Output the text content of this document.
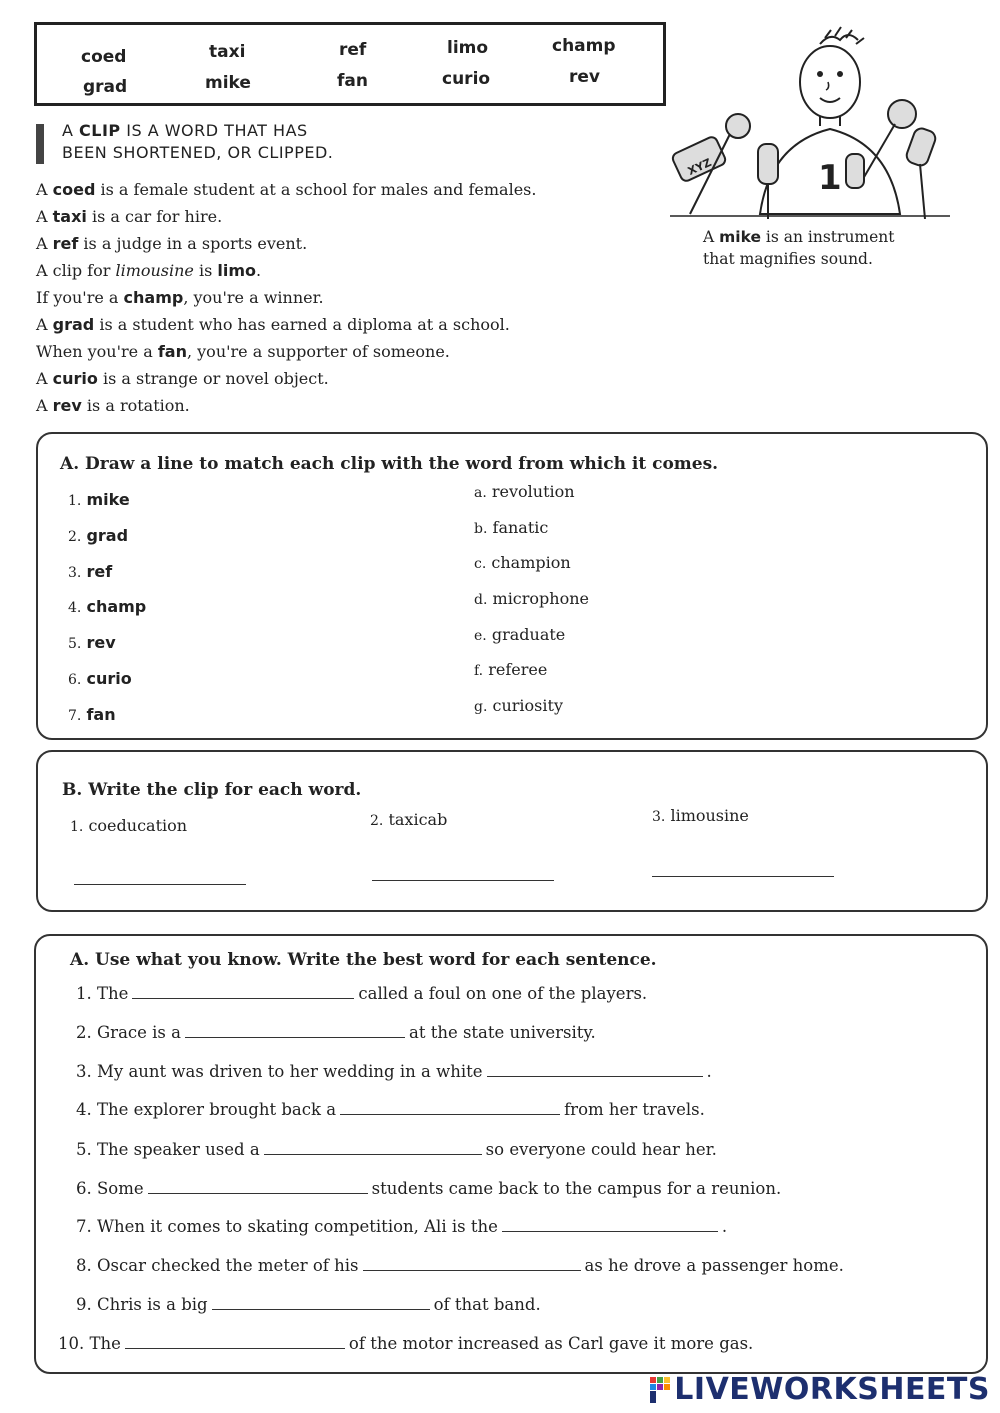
coed	taxi	ref	limo	champ
grad	mike	fan	curio	rev
A CLIP IS A WORD THAT HAS
BEEN SHORTENED, OR CLIPPED.
A coed is a female student at a school for males and females.
A taxi is a car for hire.
A ref is a judge in a sports event.
A clip for limousine is limo.
If you're a champ, you're a winner.
A grad is a student who has earned a diploma at a school.
When you're a fan, you're a supporter of someone.
A curio is a strange or novel object.
A rev is a rotation.
1
XYZ
A mike is an instrument
that magnifies sound.
A. Draw a line to match each clip with the word from which it comes.
1. mike
2. grad
3. ref
4. champ
5. rev
6. curio
7. fan
a. revolution
b. fanatic
c. champion
d. microphone
e. graduate
f. referee
g. curiosity
B. Write the clip for each word.
1. coeducation	2. taxicab	3. limousine
A. Use what you know. Write the best word for each sentence.
1. The	called a foul on one of the players.
2. Grace is a	at the state university.
3. My aunt was driven to her wedding in a white	.
4. The explorer brought back a	from her travels.
5. The speaker used a	so everyone could hear her.
6. Some	students came back to the campus for a reunion.
7. When it comes to skating competition, Ali is the	.
8. Oscar checked the meter of his	as he drove a passenger home.
9. Chris is a big	of that band.
10. The	of the motor increased as Carl gave it more gas.
LIVEWORKSHEETS
